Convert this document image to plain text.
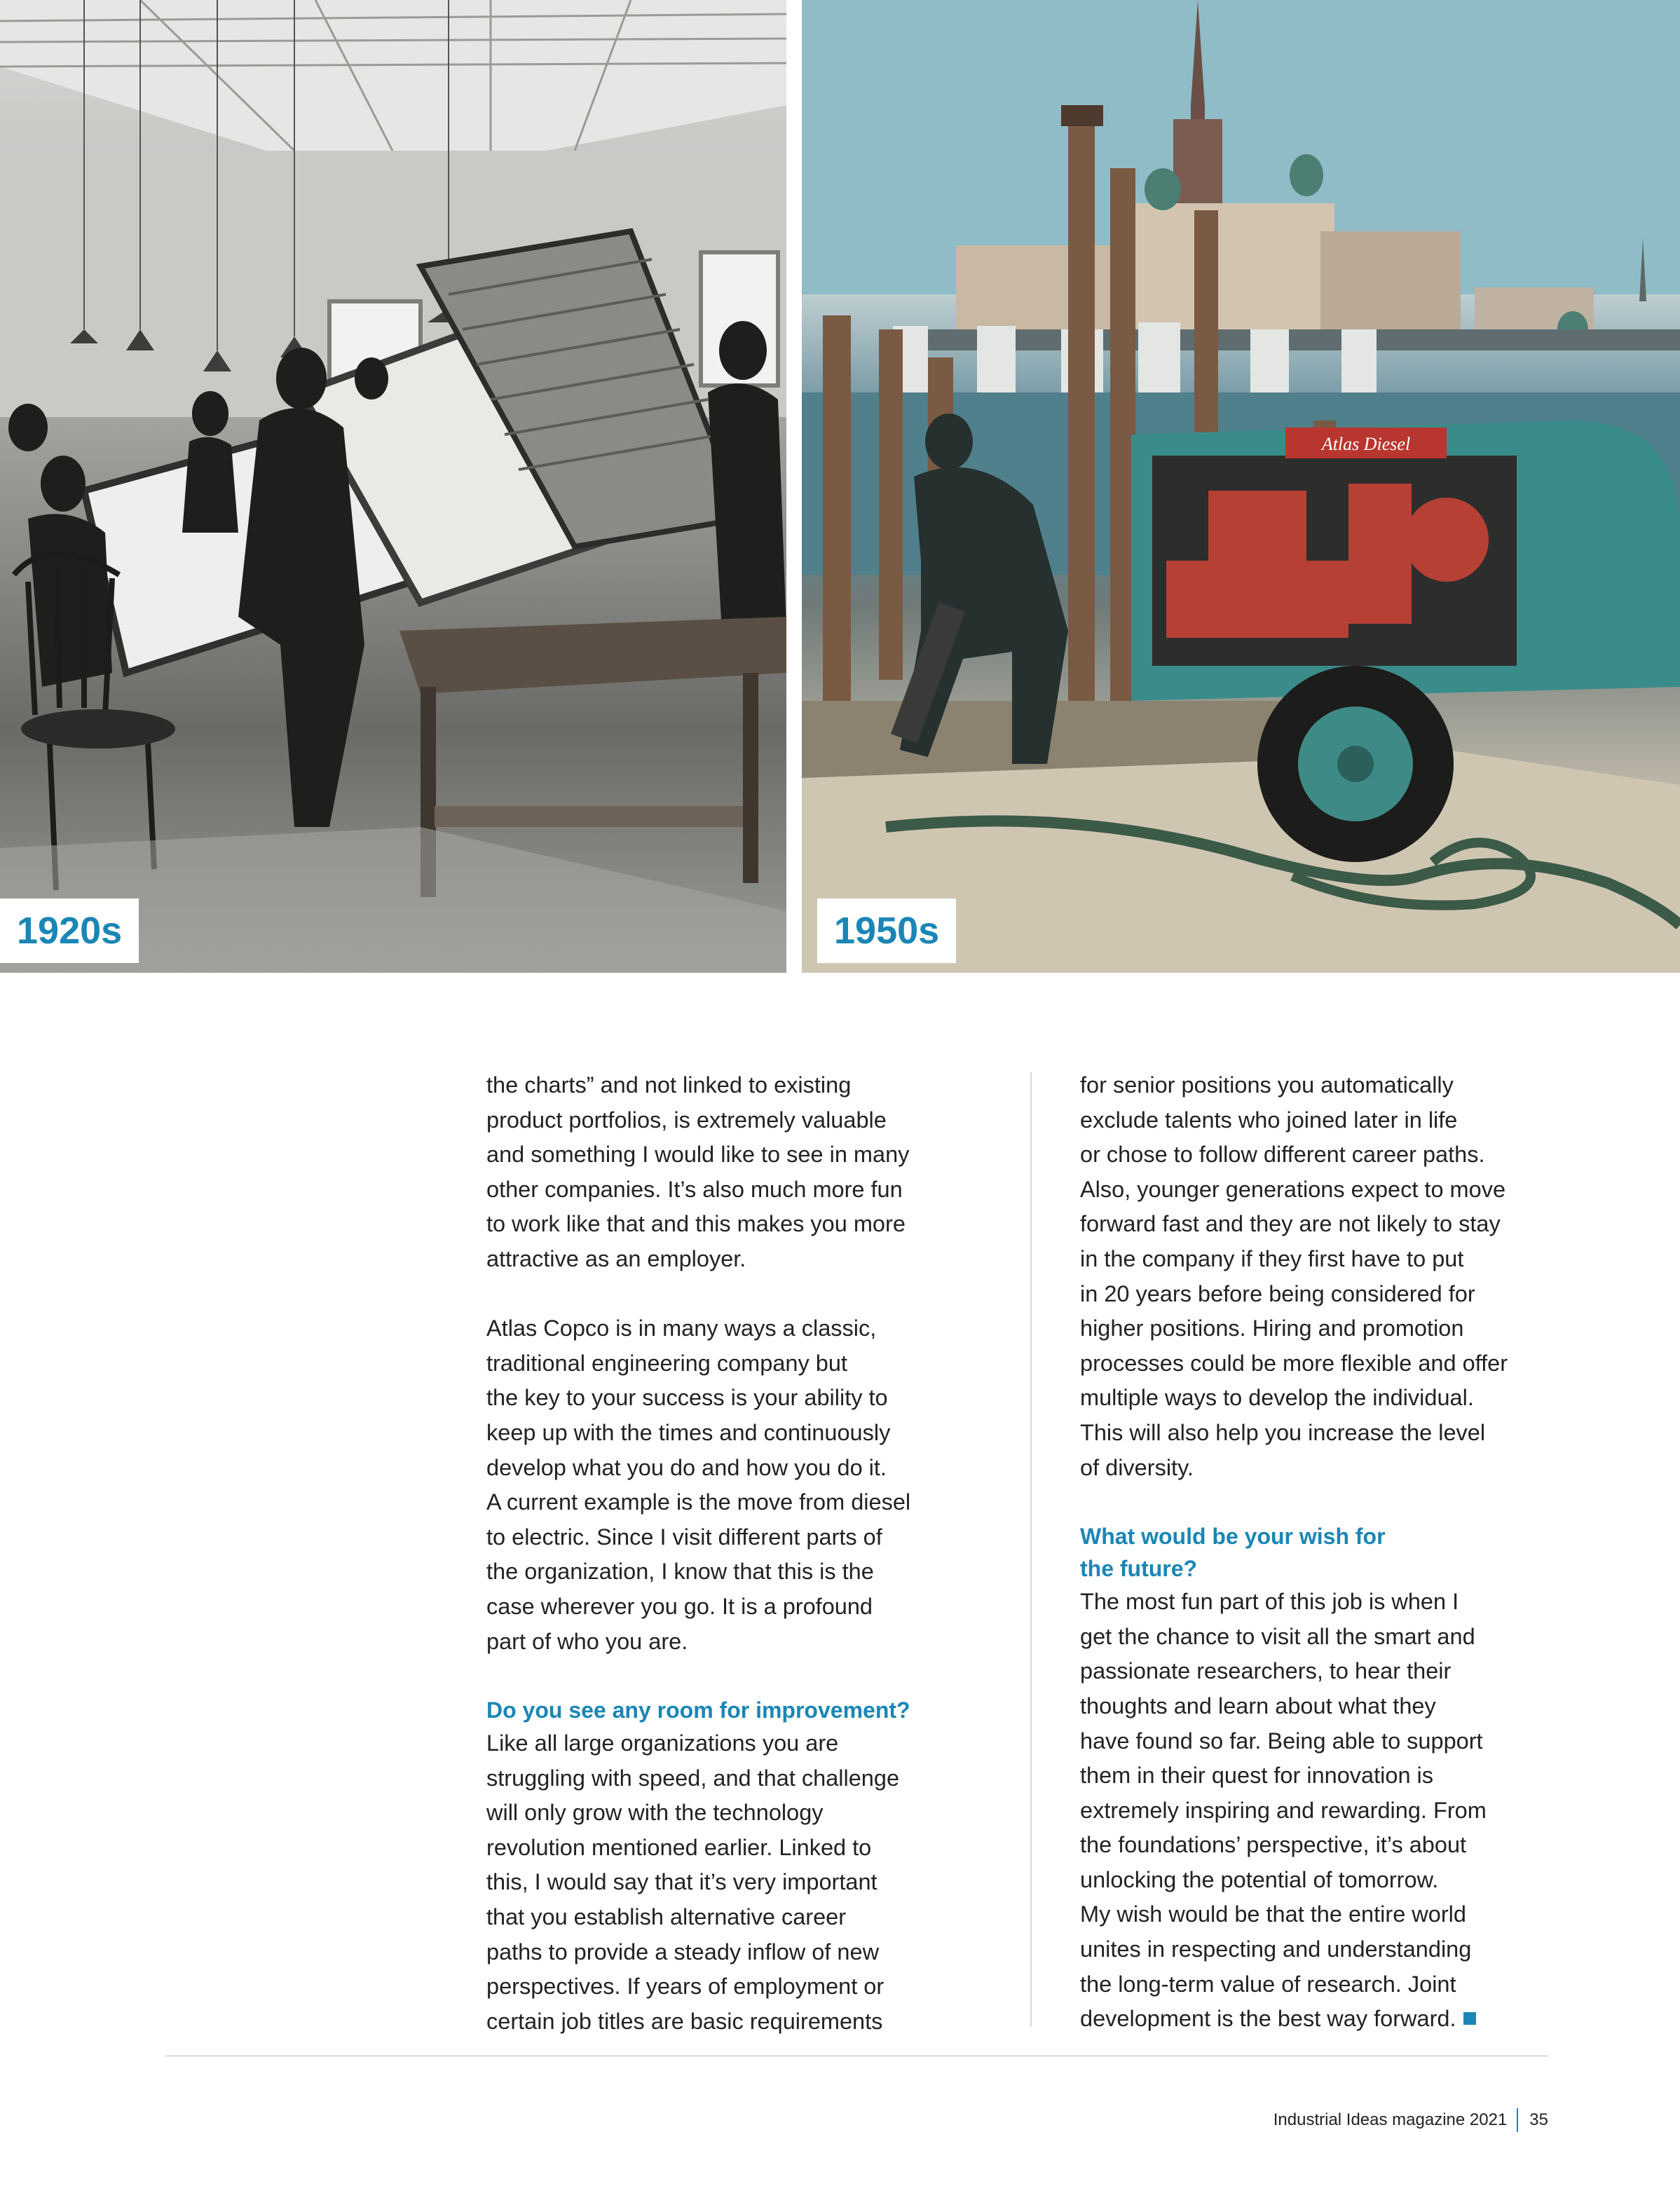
1920s
Atlas Diesel
1950s

the charts” and not linked to existing
product portfolios, is extremely valuable
and something I would like to see in many
other companies. It’s also much more fun
to work like that and this makes you more
attractive as an employer.

Atlas Copco is in many ways a classic,
traditional engineering company but
the key to your success is your ability to
keep up with the times and continuously
develop what you do and how you do it.
A current example is the move from diesel
to electric. Since I visit different parts of
the organization, I know that this is the
case wherever you go. It is a profound
part of who you are.

Do you see any room for improvement?

Like all large organizations you are
struggling with speed, and that challenge
will only grow with the technology
revolution mentioned earlier. Linked to
this, I would say that it’s very important
that you establish alternative career
paths to provide a steady inflow of new
perspectives. If years of employment or
certain job titles are basic requirements

for senior positions you automatically
exclude talents who joined later in life
or chose to follow different career paths.
Also, younger generations expect to move
forward fast and they are not likely to stay
in the company if they first have to put
in 20 years before being considered for
higher positions. Hiring and promotion
processes could be more flexible and offer
multiple ways to develop the individual.
This will also help you increase the level
of diversity.

What would be your wish for
the future?

The most fun part of this job is when I
get the chance to visit all the smart and
passionate researchers, to hear their
thoughts and learn about what they
have found so far. Being able to support
them in their quest for innovation is
extremely inspiring and rewarding. From
the foundations’ perspective, it’s about
unlocking the potential of tomorrow.
My wish would be that the entire world
unites in respecting and understanding
the long-term value of research. Joint
development is the best way forward.

Industrial Ideas magazine 2021 35
